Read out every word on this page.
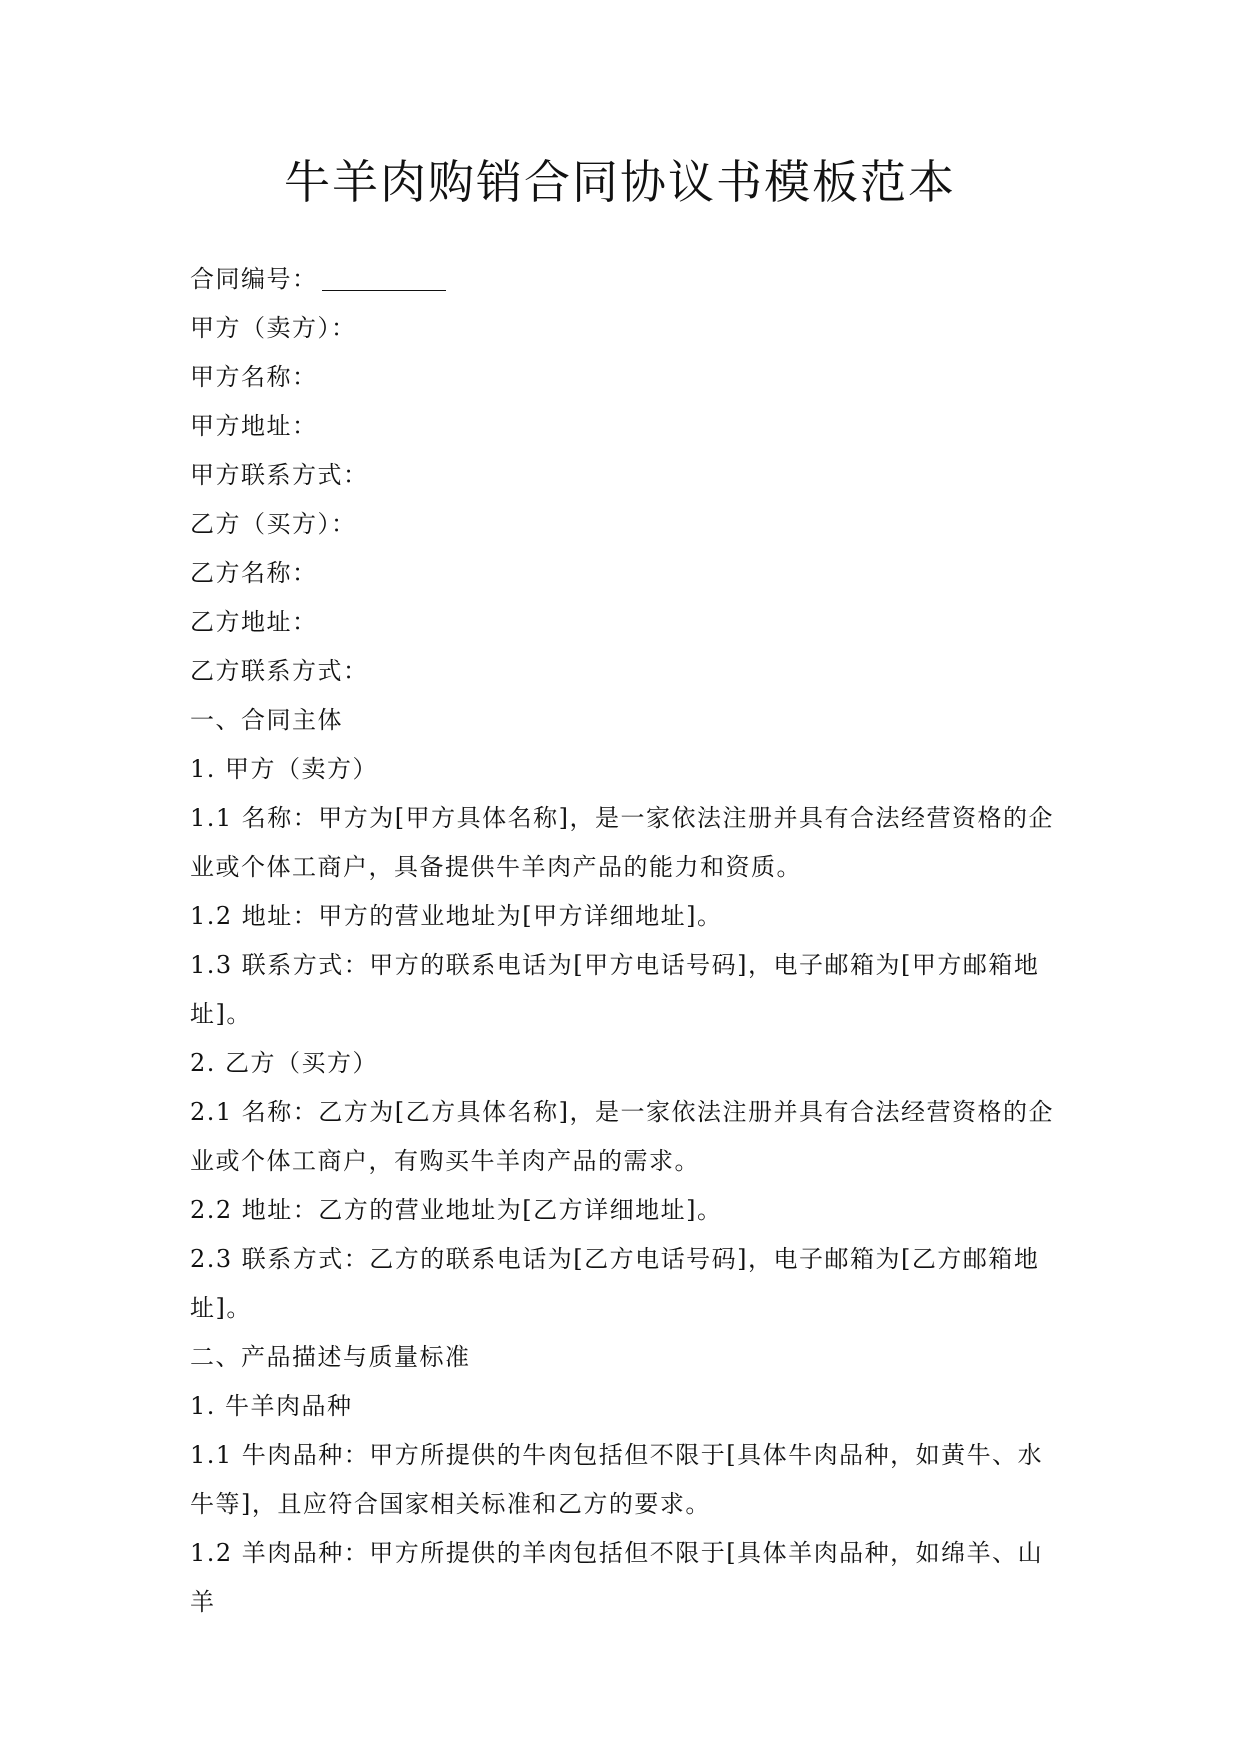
牛羊肉购销合同协议书模板范本

合同编号：

甲方（卖方）：

甲方名称：

甲方地址：

甲方联系方式：

乙方（买方）：

乙方名称：

乙方地址：

乙方联系方式：

一、合同主体

1. 甲方（卖方）

1.1 名称：甲方为[甲方具体名称]，是一家依法注册并具有合法经营资格的企业或个体工商户，具备提供牛羊肉产品的能力和资质。

1.2 地址：甲方的营业地址为[甲方详细地址]。

1.3 联系方式：甲方的联系电话为[甲方电话号码]，电子邮箱为[甲方邮箱地址]。

2. 乙方（买方）

2.1 名称：乙方为[乙方具体名称]，是一家依法注册并具有合法经营资格的企业或个体工商户，有购买牛羊肉产品的需求。

2.2 地址：乙方的营业地址为[乙方详细地址]。

2.3 联系方式：乙方的联系电话为[乙方电话号码]，电子邮箱为[乙方邮箱地址]。

二、产品描述与质量标准

1. 牛羊肉品种

1.1 牛肉品种：甲方所提供的牛肉包括但不限于[具体牛肉品种，如黄牛、水牛等]，且应符合国家相关标准和乙方的要求。

1.2 羊肉品种：甲方所提供的羊肉包括但不限于[具体羊肉品种，如绵羊、山羊
